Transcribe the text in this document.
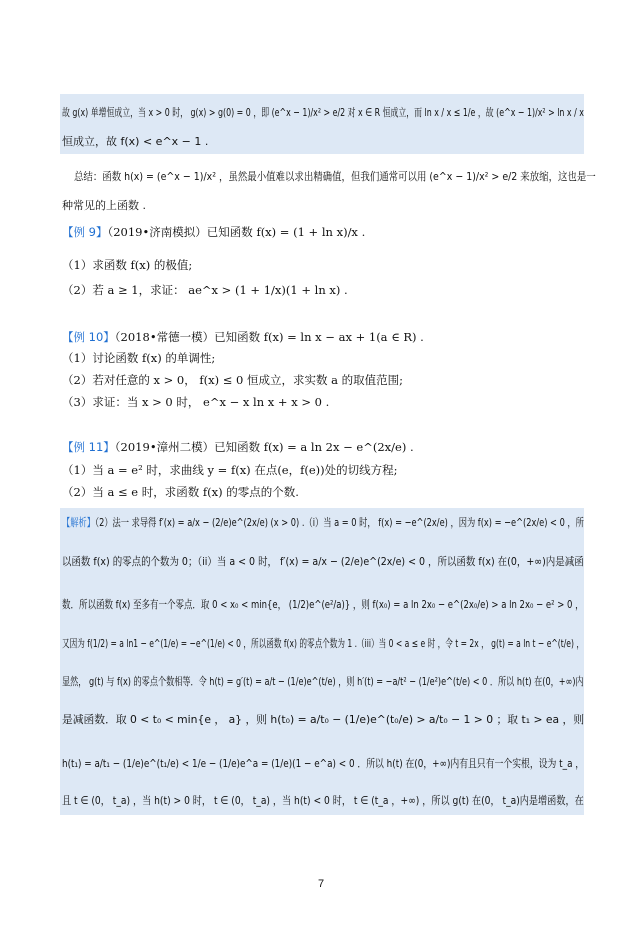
故 g(x) 单增恒成立，当 x > 0 时， g(x) > g(0) = 0 ，即 (e^x − 1)/x² > e/2 对 x ∈ R 恒成立，而 ln x / x ≤ 1/e ，故 (e^x − 1)/x² > ln x / x
恒成立，故 f(x) < e^x − 1 .
总结：函数 h(x) = (e^x − 1)/x² ，虽然最小值难以求出精确值，但我们通常可以用 (e^x − 1)/x² > e/2 来放缩，这也是一
种常见的上函数 .
【例 9】（2019•济南模拟）已知函数 f(x) = (1 + ln x)/x .
（1）求函数 f(x) 的极值;
（2）若 a ≥ 1，求证： ae^x > (1 + 1/x)(1 + ln x) .
【例 10】（2018•常德一模）已知函数 f(x) = ln x − ax + 1(a ∈ R) .
（1）讨论函数 f(x) 的单调性;
（2）若对任意的 x > 0， f(x) ≤ 0 恒成立，求实数 a 的取值范围;
（3）求证：当 x > 0 时， e^x − x ln x + x > 0 .
【例 11】（2019•漳州二模）已知函数 f(x) = a ln 2x − e^(2x/e) .
（1）当 a = e² 时，求曲线 y = f(x) 在点(e，f(e))处的切线方程;
（2）当 a ≤ e 时，求函数 f(x) 的零点的个数.
【解析】（2）法一 求导得 f′(x) = a/x − (2/e)e^(2x/e) (x > 0) .（i）当 a = 0 时， f(x) = −e^(2x/e) ，因为 f(x) = −e^(2x/e) < 0 ，所
以函数 f(x) 的零点的个数为 0；（ii）当 a < 0 时， f′(x) = a/x − (2/e)e^(2x/e) < 0 ，所以函数 f(x) 在(0，+∞)内是减函
数．所以函数 f(x) 至多有一个零点．取 0 < x₀ < min{e， (1/2)e^(e²/a)} ，则 f(x₀) = a ln 2x₀ − e^(2x₀/e) > a ln 2x₀ − e² > 0 ，
又因为 f(1/2) = a ln1 − e^(1/e) = −e^(1/e) < 0 ，所以函数 f(x) 的零点个数为 1 .（iii）当 0 < a ≤ e 时 ，令 t = 2x ， g(t) = a ln t − e^(t/e) ，
显然， g(t) 与 f(x) 的零点个数相等．令 h(t) = g′(t) = a/t − (1/e)e^(t/e) ，则 h′(t) = −a/t² − (1/e²)e^(t/e) < 0 ．所以 h(t) 在(0，+∞)内
是减函数．取 0 < t₀ < min{e ， a} ，则 h(t₀) = a/t₀ − (1/e)e^(t₀/e) > a/t₀ − 1 > 0 ；取 t₁ > ea ，则
h(t₁) = a/t₁ − (1/e)e^(t₁/e) < 1/e − (1/e)e^a = (1/e)(1 − e^a) < 0 ．所以 h(t) 在(0，+∞)内有且只有一个实根，设为 t_a ，
且 t ∈ (0， t_a) ，当 h(t) > 0 时， t ∈ (0， t_a) ，当 h(t) < 0 时， t ∈ (t_a ，+∞) ，所以 g(t) 在(0， t_a)内是增函数，在
7
